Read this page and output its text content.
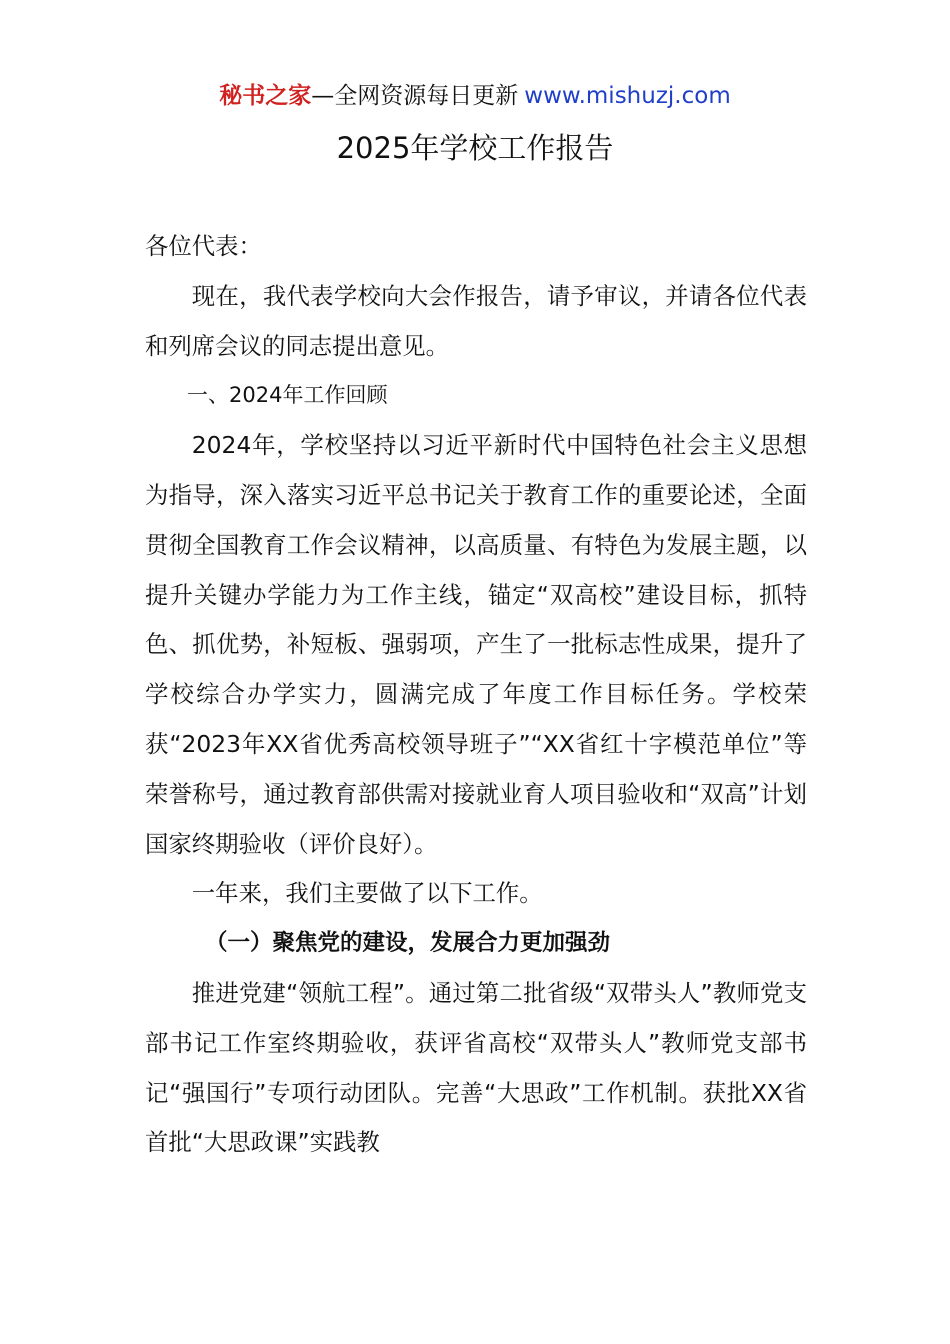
秘书之家—全网资源每日更新 www.mishuzj.com
2025年学校工作报告

各位代表：

现在，我代表学校向大会作报告，请予审议，并请各位代表和列席会议的同志提出意见。

一、2024年工作回顾

2024年，学校坚持以习近平新时代中国特色社会主义思想为指导，深入落实习近平总书记关于教育工作的重要论述，全面贯彻全国教育工作会议精神，以高质量、有特色为发展主题，以提升关键办学能力为工作主线，锚定“双高校”建设目标，抓特色、抓优势，补短板、强弱项，产生了一批标志性成果，提升了学校综合办学实力，圆满完成了年度工作目标任务。学校荣获“2023年XX省优秀高校领导班子”“XX省红十字模范单位”等荣誉称号，通过教育部供需对接就业育人项目验收和“双高”计划国家终期验收（评价良好）。

一年来，我们主要做了以下工作。

（一）聚焦党的建设，发展合力更加强劲

推进党建“领航工程”。通过第二批省级“双带头人”教师党支部书记工作室终期验收，获评省高校“双带头人”教师党支部书记“强国行”专项行动团队。完善“大思政”工作机制。获批XX省首批“大思政课”实践教
